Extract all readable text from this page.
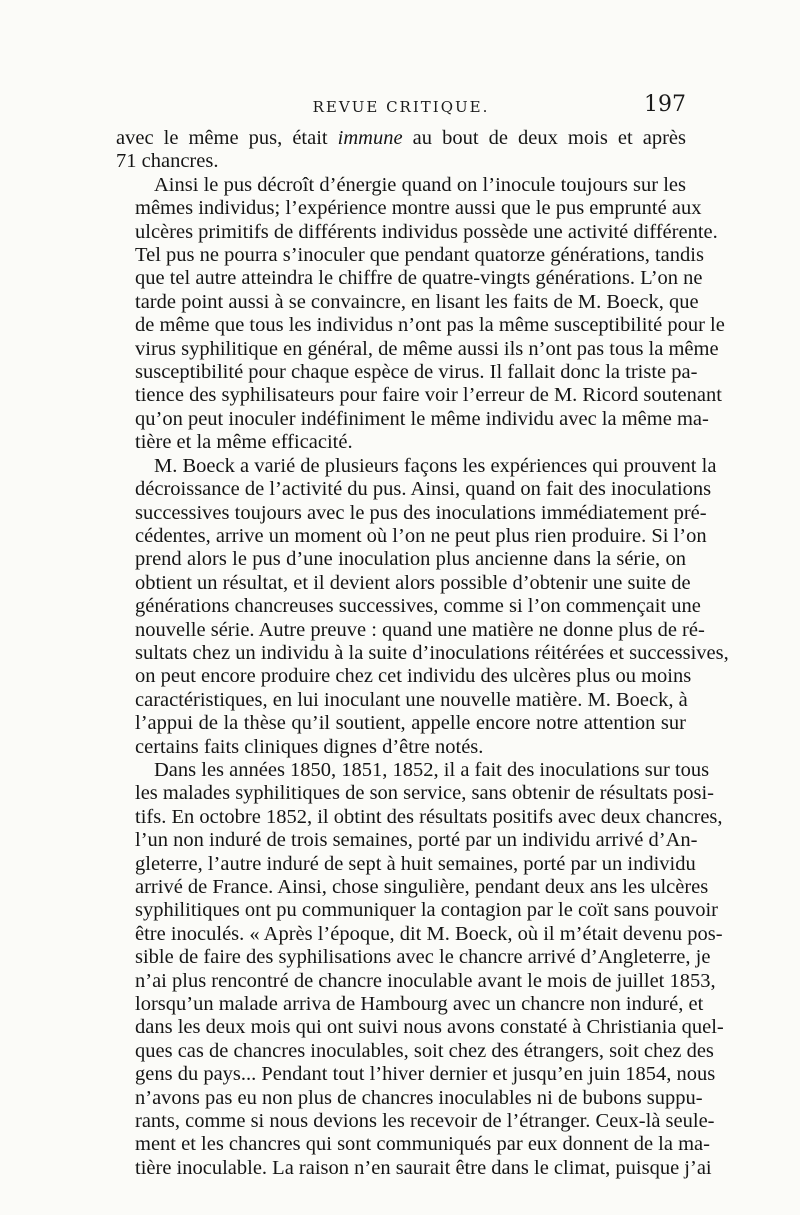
REVUE CRITIQUE.	197
avec le même pus, était immune au bout de deux mois et après
71 chancres.
Ainsi le pus décroît d’énergie quand on l’inocule toujours sur les
mêmes individus; l’expérience montre aussi que le pus emprunté aux
ulcères primitifs de différents individus possède une activité différente.
Tel pus ne pourra s’inoculer que pendant quatorze générations, tandis
que tel autre atteindra le chiffre de quatre-vingts générations. L’on ne
tarde point aussi à se convaincre, en lisant les faits de M. Boeck, que
de même que tous les individus n’ont pas la même susceptibilité pour le
virus syphilitique en général, de même aussi ils n’ont pas tous la même
susceptibilité pour chaque espèce de virus. Il fallait donc la triste pa-
tience des syphilisateurs pour faire voir l’erreur de M. Ricord soutenant
qu’on peut inoculer indéfiniment le même individu avec la même ma-
tière et la même efficacité.
M. Boeck a varié de plusieurs façons les expériences qui prouvent la
décroissance de l’activité du pus. Ainsi, quand on fait des inoculations
successives toujours avec le pus des inoculations immédiatement pré-
cédentes, arrive un moment où l’on ne peut plus rien produire. Si l’on
prend alors le pus d’une inoculation plus ancienne dans la série, on
obtient un résultat, et il devient alors possible d’obtenir une suite de
générations chancreuses successives, comme si l’on commençait une
nouvelle série. Autre preuve : quand une matière ne donne plus de ré-
sultats chez un individu à la suite d’inoculations réitérées et successives,
on peut encore produire chez cet individu des ulcères plus ou moins
caractéristiques, en lui inoculant une nouvelle matière. M. Boeck, à
l’appui de la thèse qu’il soutient, appelle encore notre attention sur
certains faits cliniques dignes d’être notés.
Dans les années 1850, 1851, 1852, il a fait des inoculations sur tous
les malades syphilitiques de son service, sans obtenir de résultats posi-
tifs. En octobre 1852, il obtint des résultats positifs avec deux chancres,
l’un non induré de trois semaines, porté par un individu arrivé d’An-
gleterre, l’autre induré de sept à huit semaines, porté par un individu
arrivé de France. Ainsi, chose singulière, pendant deux ans les ulcères
syphilitiques ont pu communiquer la contagion par le coït sans pouvoir
être inoculés. « Après l’époque, dit M. Boeck, où il m’était devenu pos-
sible de faire des syphilisations avec le chancre arrivé d’Angleterre, je
n’ai plus rencontré de chancre inoculable avant le mois de juillet 1853,
lorsqu’un malade arriva de Hambourg avec un chancre non induré, et
dans les deux mois qui ont suivi nous avons constaté à Christiania quel-
ques cas de chancres inoculables, soit chez des étrangers, soit chez des
gens du pays... Pendant tout l’hiver dernier et jusqu’en juin 1854, nous
n’avons pas eu non plus de chancres inoculables ni de bubons suppu-
rants, comme si nous devions les recevoir de l’étranger. Ceux-là seule-
ment et les chancres qui sont communiqués par eux donnent de la ma-
tière inoculable. La raison n’en saurait être dans le climat, puisque j’ai
